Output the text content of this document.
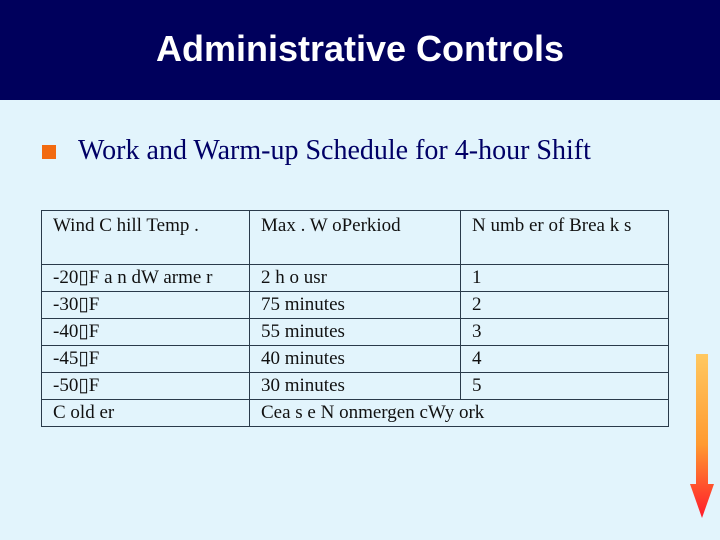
Administrative Controls
Work and Warm-up Schedule for 4-hour Shift
Wind C hill Temp .	Max . W oPerkiod	N umb er of Brea k s
-20▯F a n dW arme r	2 h o usr	1
-30▯F	75 minutes	2
-40▯F	55 minutes	3
-45▯F	40 minutes	4
-50▯F	30 minutes	5
C old er	Cea s e N onmergen cWy ork	
